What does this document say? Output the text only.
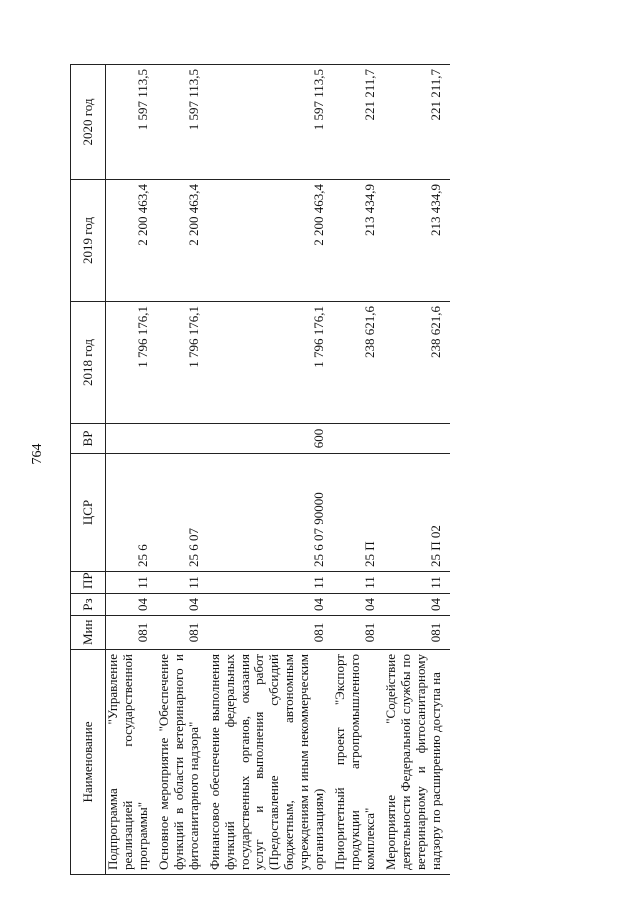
764
Наименование	Мин	Рз	ПР	ЦСР	ВР	2018 год	2019 год	2020 год
Подпрограмма "Управление реализацией государственной программы"	081	04	11	25 6		1 796 176,1	2 200 463,4	1 597 113,5
Основное мероприятие "Обеспечение функций в области ветеринарного и фитосанитарного надзора"	081	04	11	25 6 07		1 796 176,1	2 200 463,4	1 597 113,5
Финансовое обеспечение выполнения функций федеральных государственных органов, оказания услуг и выполнения работ (Предоставление субсидий бюджетным, автономным учреждениям и иным некоммерческим организациям)	081	04	11	25 6 07 90000	600	1 796 176,1	2 200 463,4	1 597 113,5
Приоритетный проект "Экспорт продукции агропромышленного комплекса"	081	04	11	25 П		238 621,6	213 434,9	221 211,7
Мероприятие "Содействие деятельности Федеральной службы по ветеринарному и фитосанитарному надзору по расширению доступа на	081	04	11	25 П 02		238 621,6	213 434,9	221 211,7
